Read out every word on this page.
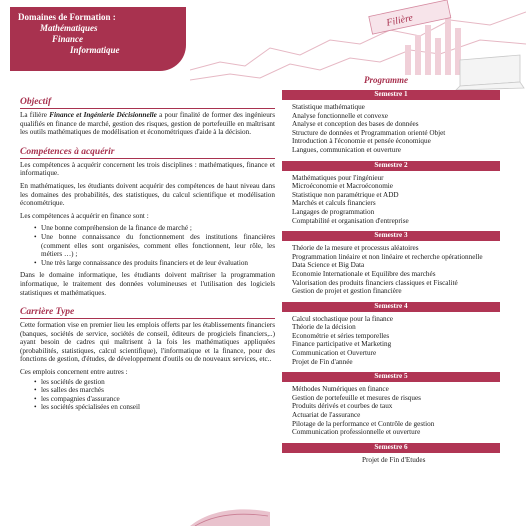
Domaines de Formation :
Mathématiques
Finance
Informatique
Filière
Objectif

La filière Finance et Ingénierie Décisionnelle a pour finalité de former des ingénieurs qualifiés en finance de marché, gestion des risques, gestion de portefeuille en maîtrisant les outils mathématiques de modélisation et économétriques d'aide à la décision.

Compétences à acquérir

Les compétences à acquérir concernent les trois disciplines : mathématiques, finance et informatique.

En mathématiques, les étudiants doivent acquérir des compétences de haut niveau dans les domaines des probabilités, des statistiques, du calcul scientifique et modélisation économétrique.

Les compétences à acquérir en finance sont :

• Une bonne compréhension de la finance de marché ;
• Une bonne connaissance du fonctionnement des institutions financières (comment elles sont organisées, comment elles fonctionnent, leur rôle, les métiers …) ;
• Une très large connaissance des produits financiers et de leur évaluation

Dans le domaine informatique, les étudiants doivent maîtriser la programmation informatique, le traitement des données volumineuses et l'utilisation des logiciels statistiques et mathématiques.

Carrière Type

Cette formation vise en premier lieu les emplois offerts par les établissements financiers (banques, sociétés de service, sociétés de conseil, éditeurs de progiciels financiers,..) ayant besoin de cadres qui maîtrisent à la fois les mathématiques appliquées (probabilités, statistiques, calcul scientifique), l'informatique et la finance, pour des fonctions de gestion, d'études, de développement d'outils ou de nouveaux services, etc..

Ces emplois concernent entre autres :

• les sociétés de gestion
• les salles des marchés
• les compagnies d'assurance
• les sociétés spécialisées en conseil
Programme
Semestre 1
Statistique mathématique
Analyse fonctionnelle et convexe
Analyse et conception des bases de données
Structure de données et Programmation orienté Objet
Introduction à l'économie et pensée économique
Langues, communication et ouverture
Semestre 2
Mathématiques pour l'ingénieur
Microéconomie et Macroéconomie
Statistique non paramétrique et ADD
Marchés et calculs financiers
Langages de programmation
Comptabilité et organisation d'entreprise
Semestre 3
Théorie de la mesure et processus aléatoires
Programmation linéaire et non linéaire et recherche opérationnelle
Data Science et Big Data
Economie Internationale et Equilibre des marchés
Valorisation des produits financiers classiques et Fiscalité
Gestion de projet et gestion financière
Semestre 4
Calcul stochastique pour la finance
Théorie de la décision
Econométrie et séries temporelles
Finance participative et Marketing
Communication et Ouverture
Projet de Fin d'année
Semestre 5
Méthodes Numériques en finance
Gestion de portefeuille et mesures de risques
Produits dérivés et courbes de taux
Actuariat de l'assurance
Pilotage de la performance et Contrôle de gestion
Communication professionnelle et ouverture
Semestre 6
Projet de Fin d'Etudes
